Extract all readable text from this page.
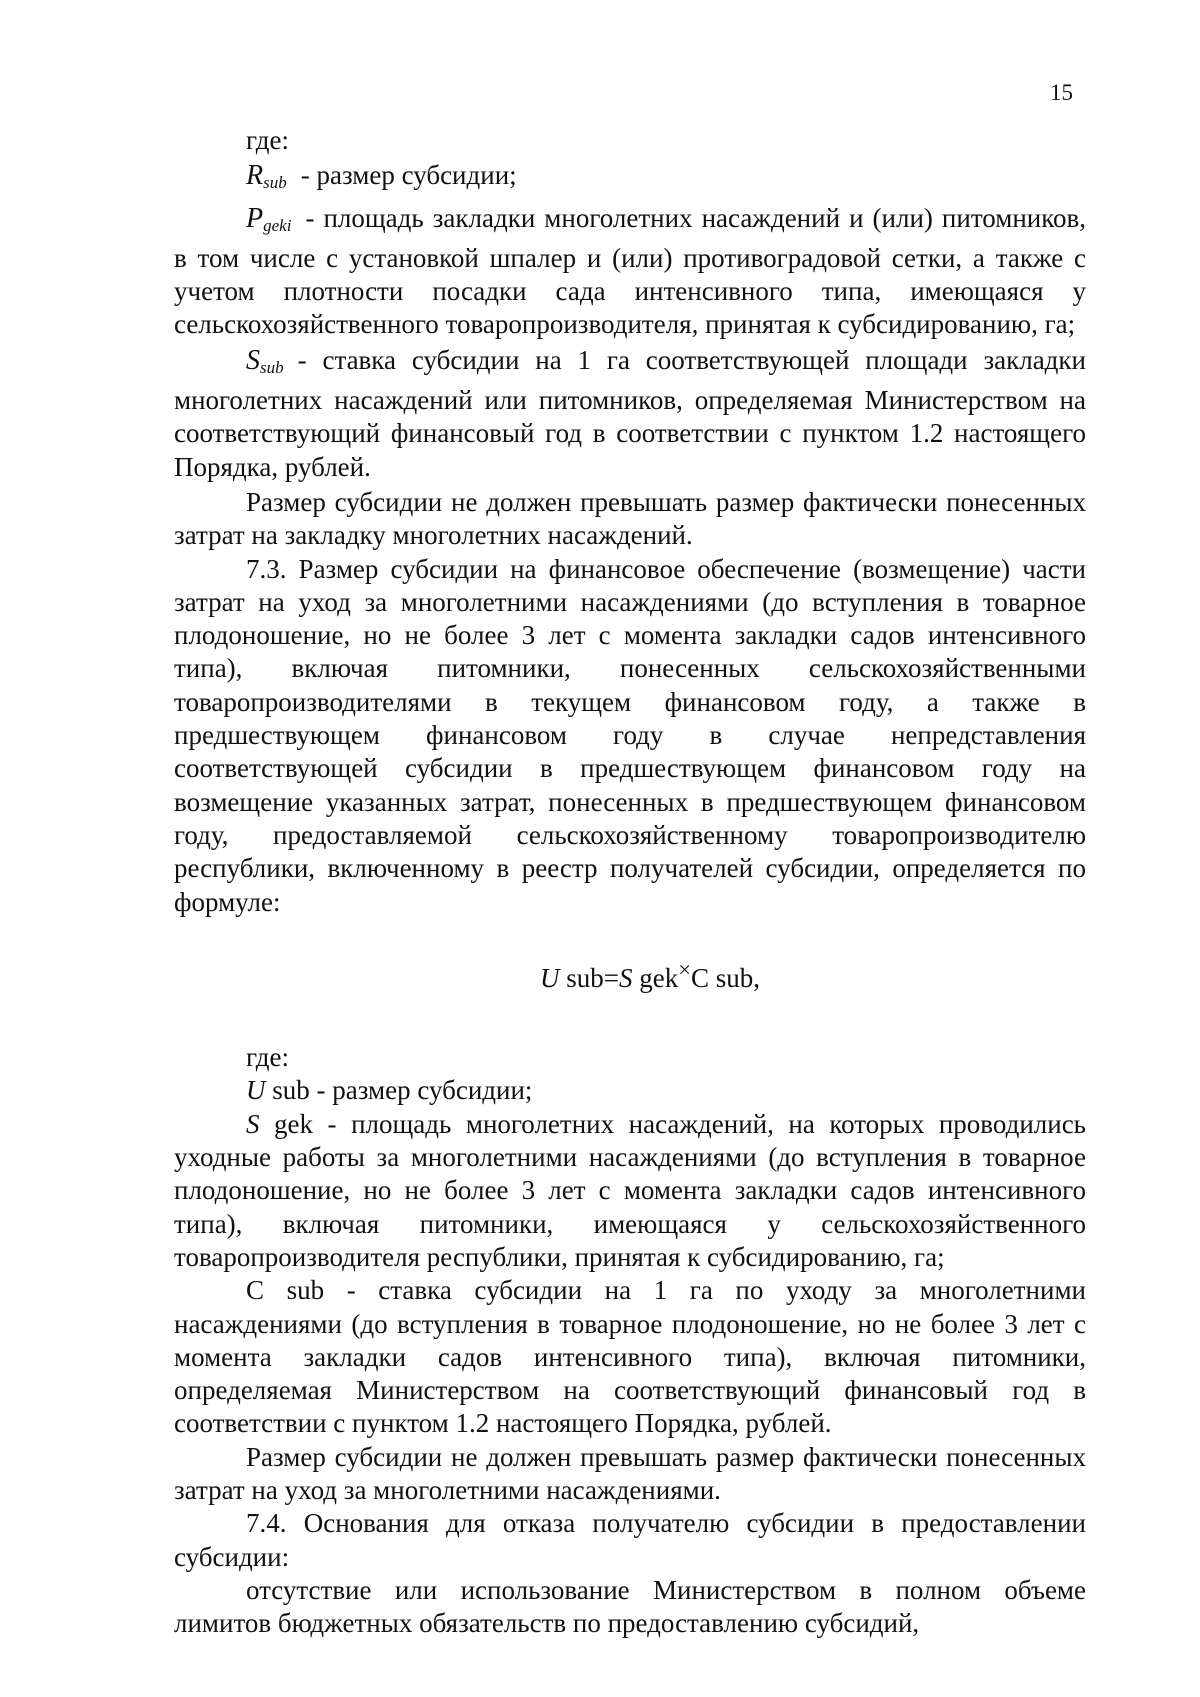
15

где:

$R_{sub}$ - размер субсидии;

$P_{geki}$ - площадь закладки многолетних насаждений и (или) питомников, в том числе с установкой шпалер и (или) противоградовой сетки, а также с учетом плотности посадки сада интенсивного типа, имеющаяся у сельскохозяйственного товаропроизводителя, принятая к субсидированию, га;

$S_{sub}$ - ставка субсидии на 1 га соответствующей площади закладки многолетних насаждений или питомников, определяемая Министерством на соответствующий финансовый год в соответствии с пунктом 1.2 настоящего Порядка, рублей.

Размер субсидии не должен превышать размер фактически понесенных затрат на закладку многолетних насаждений.

7.3. Размер субсидии на финансовое обеспечение (возмещение) части затрат на уход за многолетними насаждениями (до вступления в товарное плодоношение, но не более 3 лет с момента закладки садов интенсивного типа), включая питомники, понесенных сельскохозяйственными товаропроизводителями в текущем финансовом году, а также в предшествующем финансовом году в случае непредставления соответствующей субсидии в предшествующем финансовом году на возмещение указанных затрат, понесенных в предшествующем финансовом году, предоставляемой сельскохозяйственному товаропроизводителю республики, включенному в реестр получателей субсидии, определяется по формуле:

U sub=S gek×C sub,

где:

U sub - размер субсидии;

S gek - площадь многолетних насаждений, на которых проводились уходные работы за многолетними насаждениями (до вступления в товарное плодоношение, но не более 3 лет с момента закладки садов интенсивного типа), включая питомники, имеющаяся у сельскохозяйственного товаропроизводителя республики, принятая к субсидированию, га;

С sub - ставка субсидии на 1 га по уходу за многолетними насаждениями (до вступления в товарное плодоношение, но не более 3 лет с момента закладки садов интенсивного типа), включая питомники, определяемая Министерством на соответствующий финансовый год в соответствии с пунктом 1.2 настоящего Порядка, рублей.

Размер субсидии не должен превышать размер фактически понесенных затрат на уход за многолетними насаждениями.

7.4. Основания для отказа получателю субсидии в предоставлении субсидии:

отсутствие или использование Министерством в полном объеме лимитов бюджетных обязательств по предоставлению субсидий,
